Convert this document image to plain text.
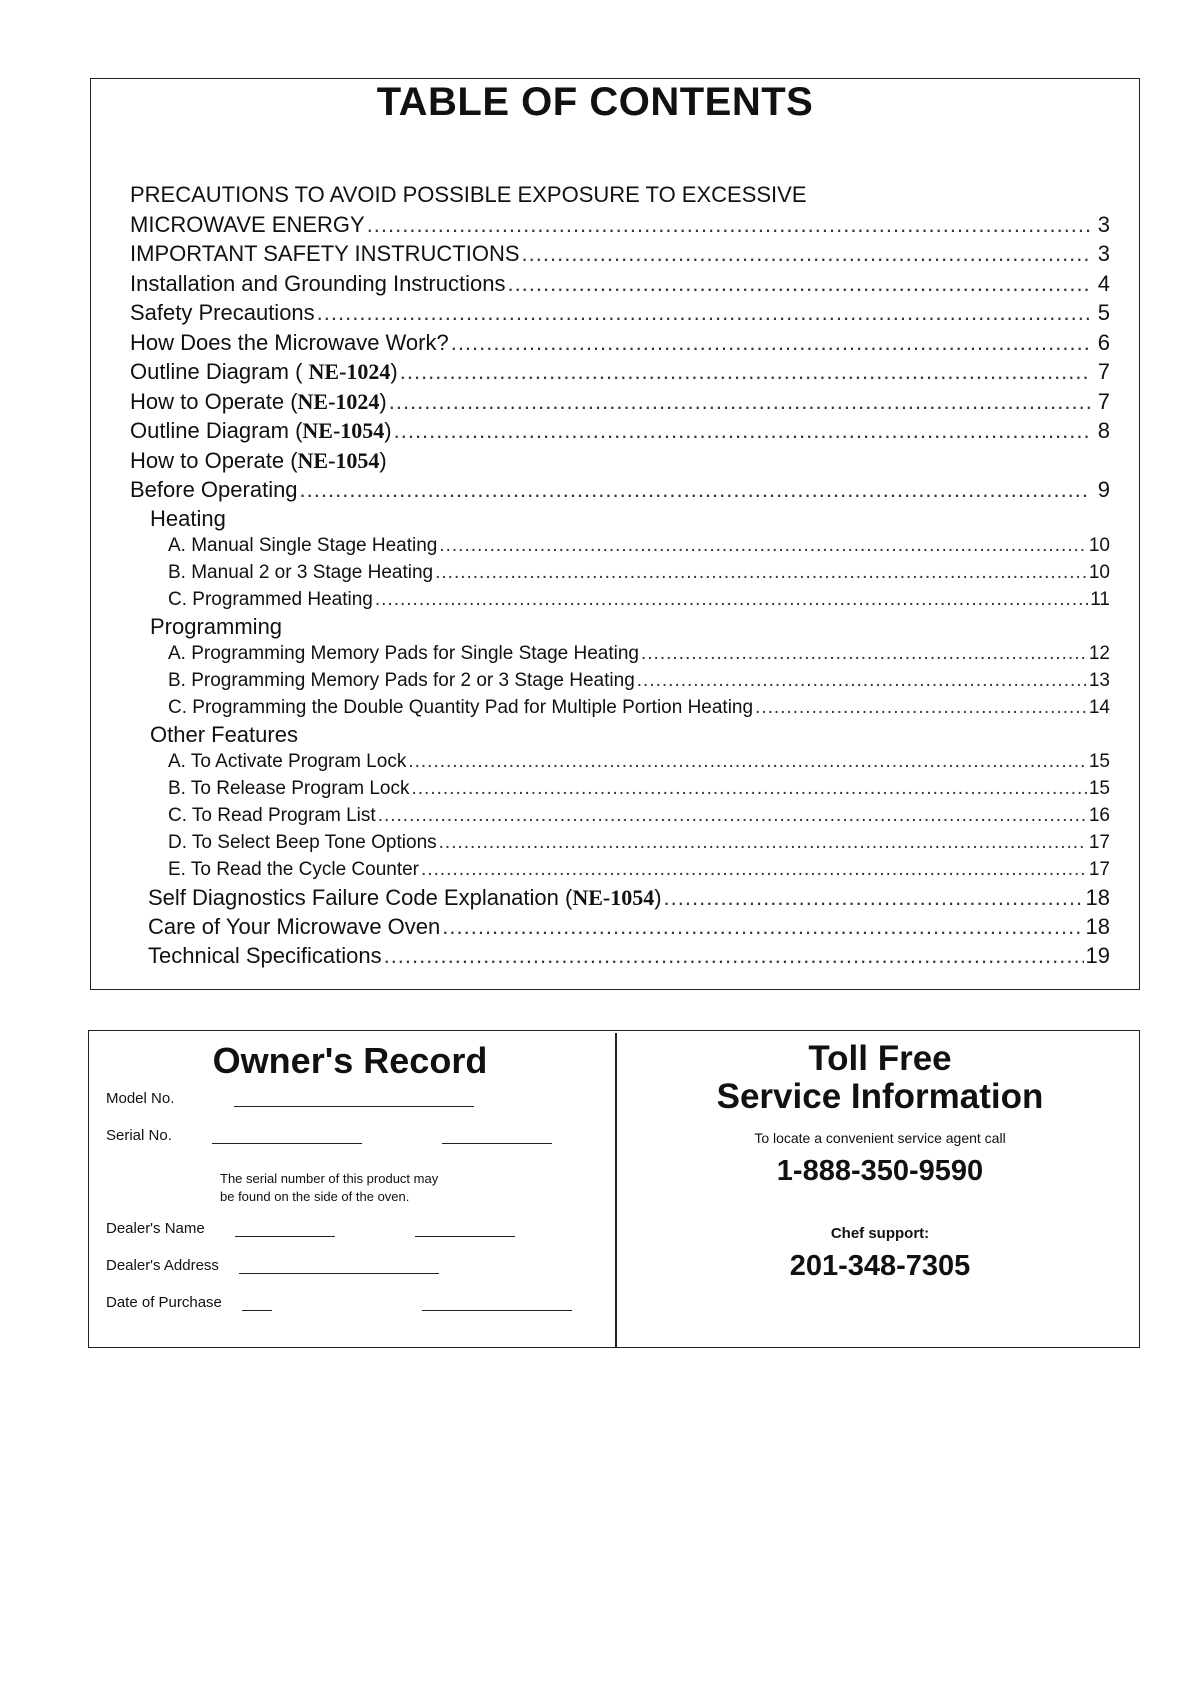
TABLE OF CONTENTS
PRECAUTIONS TO AVOID POSSIBLE EXPOSURE TO EXCESSIVE
MICROWAVE ENERGY .....	3
IMPORTANT SAFETY INSTRUCTIONS .....	3
Installation and Grounding Instructions .....	4
Safety Precautions .....	5
How Does the Microwave Work? .....	6
Outline Diagram ( NE-1024) .....	7
How to Operate (NE-1024) .....	7
Outline Diagram (NE-1054) .....	8
How to Operate (NE-1054)
Before Operating .....	9
Heating
A. Manual Single Stage Heating .....	10
B. Manual 2 or 3 Stage Heating .....	10
C. Programmed Heating .....	11
Programming
A. Programming Memory Pads for Single Stage Heating .....	12
B. Programming Memory Pads for 2 or 3 Stage Heating .....	13
C. Programming the Double Quantity Pad for Multiple Portion Heating .....	14
Other Features
A. To Activate Program Lock .....	15
B. To Release Program Lock .....	15
C. To Read Program List .....	16
D. To Select Beep Tone Options .....	17
E. To Read the Cycle Counter .....	17
Self Diagnostics Failure Code Explanation (NE-1054) .....	18
Care of Your Microwave Oven .....	18
Technical Specifications .....	19
Owner's Record
Model No.
Serial No.
The serial number of this product may
be found on the side of the oven.
Dealer's Name
Dealer's Address
Date of Purchase
Toll Free
Service Information
To locate a convenient service agent call
1-888-350-9590
Chef support:
201-348-7305
